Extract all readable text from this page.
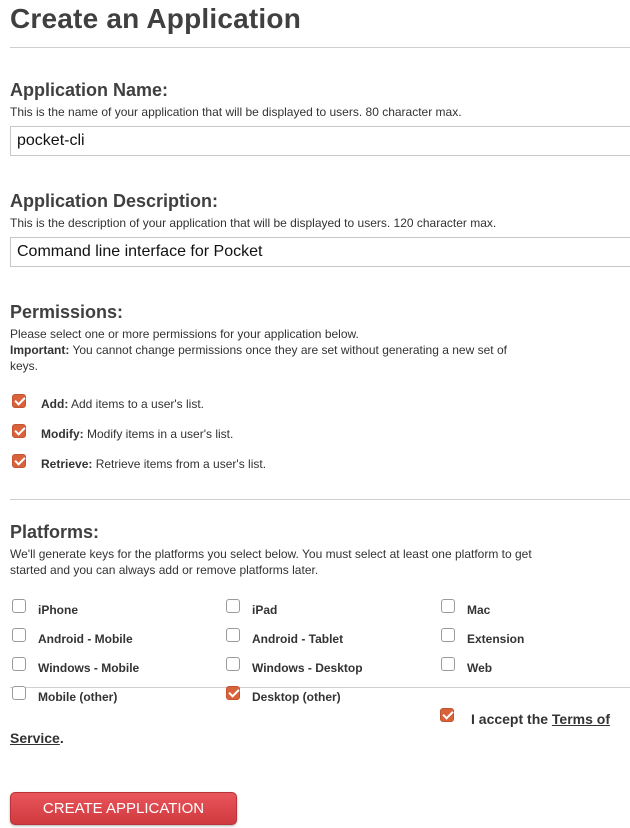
Create an Application
Application Name:
This is the name of your application that will be displayed to users. 80 character max.
pocket-cli
Application Description:
This is the description of your application that will be displayed to users. 120 character max.
Command line interface for Pocket
Permissions:
Please select one or more permissions for your application below.
Important: You cannot change permissions once they are set without generating a new set of keys.
Add: Add items to a user's list.
Modify: Modify items in a user's list.
Retrieve: Retrieve items from a user's list.
Platforms:
We'll generate keys for the platforms you select below. You must select at least one platform to get started and you can always add or remove platforms later.
iPhone	iPad	Mac
Android - Mobile	Android - Tablet	Extension
Windows - Mobile	Windows - Desktop	Web
Mobile (other)	Desktop (other)
I accept the Terms of
Service.
CREATE APPLICATION
